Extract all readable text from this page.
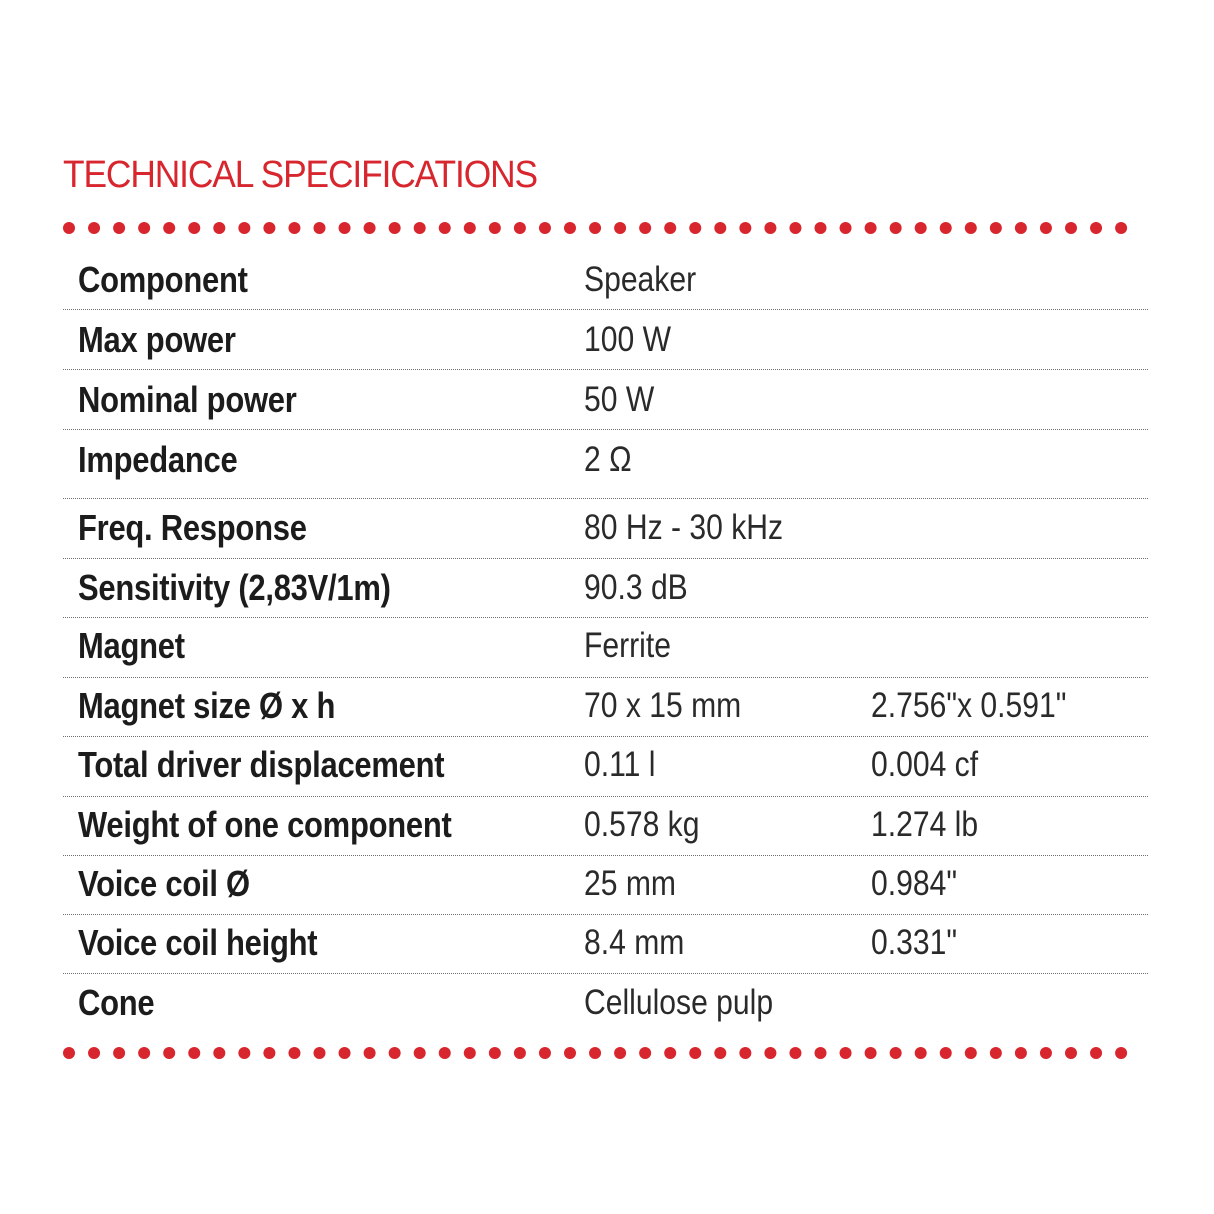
TECHNICAL SPECIFICATIONS
Component	Speaker
Max power	100 W
Nominal power	50 W
Impedance	2 Ω
Freq. Response	80 Hz - 30 kHz
Sensitivity (2,83V/1m)	90.3 dB
Magnet	Ferrite
Magnet size Ø x h	70 x 15 mm	2.756"x 0.591"
Total driver displacement	0.11 l	0.004 cf
Weight of one component	0.578 kg	1.274 lb
Voice coil Ø	25 mm	0.984"
Voice coil height	8.4 mm	0.331"
Cone	Cellulose pulp
